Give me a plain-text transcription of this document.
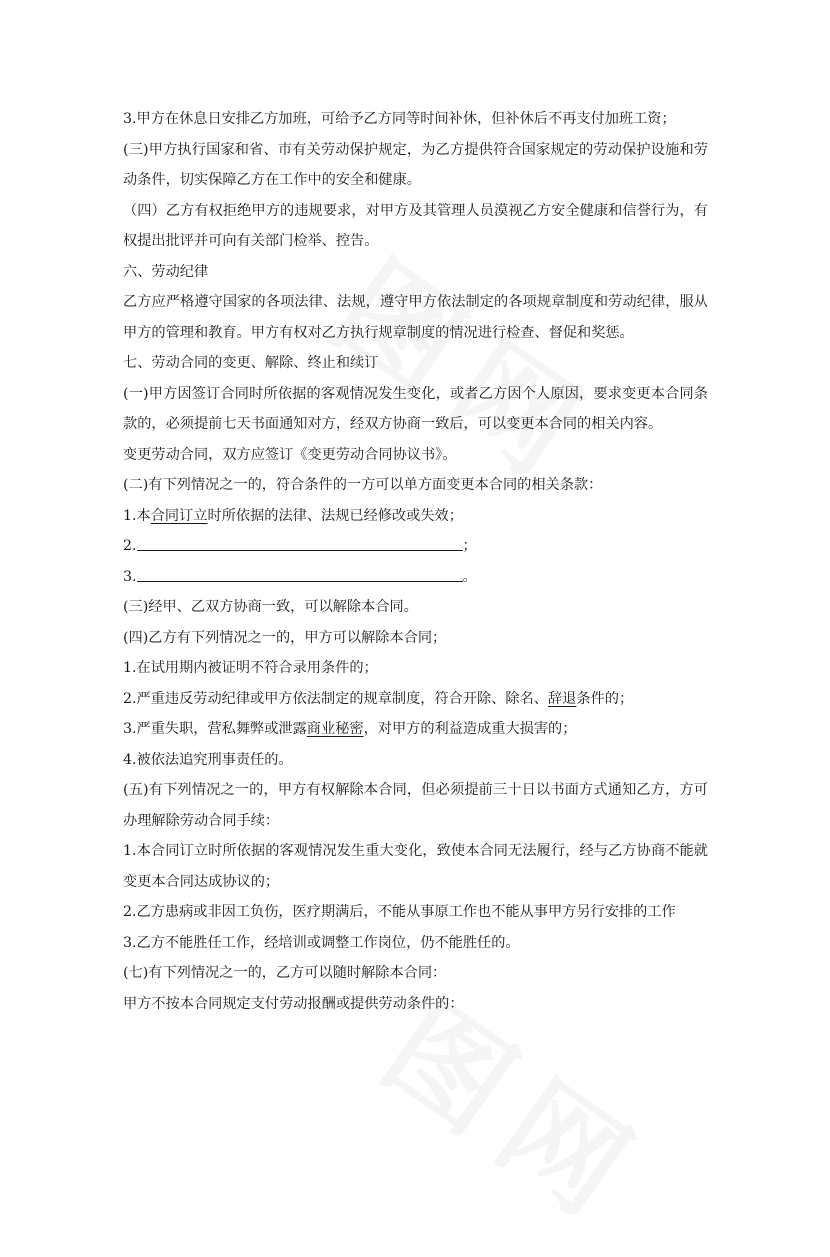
3.甲方在休息日安排乙方加班，可给予乙方同等时间补休，但补休后不再支付加班工资；

(三)甲方执行国家和省、市有关劳动保护规定，为乙方提供符合国家规定的劳动保护设施和劳动条件，切实保障乙方在工作中的安全和健康。

（四）乙方有权拒绝甲方的违规要求，对甲方及其管理人员漠视乙方安全健康和信誉行为，有权提出批评并可向有关部门检举、控告。

六、劳动纪律

乙方应严格遵守国家的各项法律、法规，遵守甲方依法制定的各项规章制度和劳动纪律，服从甲方的管理和教育。甲方有权对乙方执行规章制度的情况进行检查、督促和奖惩。

七、劳动合同的变更、解除、终止和续订

(一)甲方因签订合同时所依据的客观情况发生变化，或者乙方因个人原因，要求变更本合同条款的，必须提前七天书面通知对方，经双方协商一致后，可以变更本合同的相关内容。

变更劳动合同，双方应签订《变更劳动合同协议书》。

(二)有下列情况之一的，符合条件的一方可以单方面变更本合同的相关条款：

1.本合同订立时所依据的法律、法规已经修改或失效；

2.	；

3.	。

(三)经甲、乙双方协商一致，可以解除本合同。

(四)乙方有下列情况之一的，甲方可以解除本合同；

1.在试用期内被证明不符合录用条件的；

2.严重违反劳动纪律或甲方依法制定的规章制度，符合开除、除名、辞退条件的；

3.严重失职，营私舞弊或泄露商业秘密，对甲方的利益造成重大损害的；

4.被依法追究刑事责任的。

(五)有下列情况之一的，甲方有权解除本合同，但必须提前三十日以书面方式通知乙方，方可办理解除劳动合同手续：

1.本合同订立时所依据的客观情况发生重大变化，致使本合同无法履行，经与乙方协商不能就变更本合同达成协议的；

2.乙方患病或非因工负伤，医疗期满后，不能从事原工作也不能从事甲方另行安排的工作

3.乙方不能胜任工作，经培训或调整工作岗位，仍不能胜任的。

(七)有下列情况之一的，乙方可以随时解除本合同：

甲方不按本合同规定支付劳动报酬或提供劳动条件的：
